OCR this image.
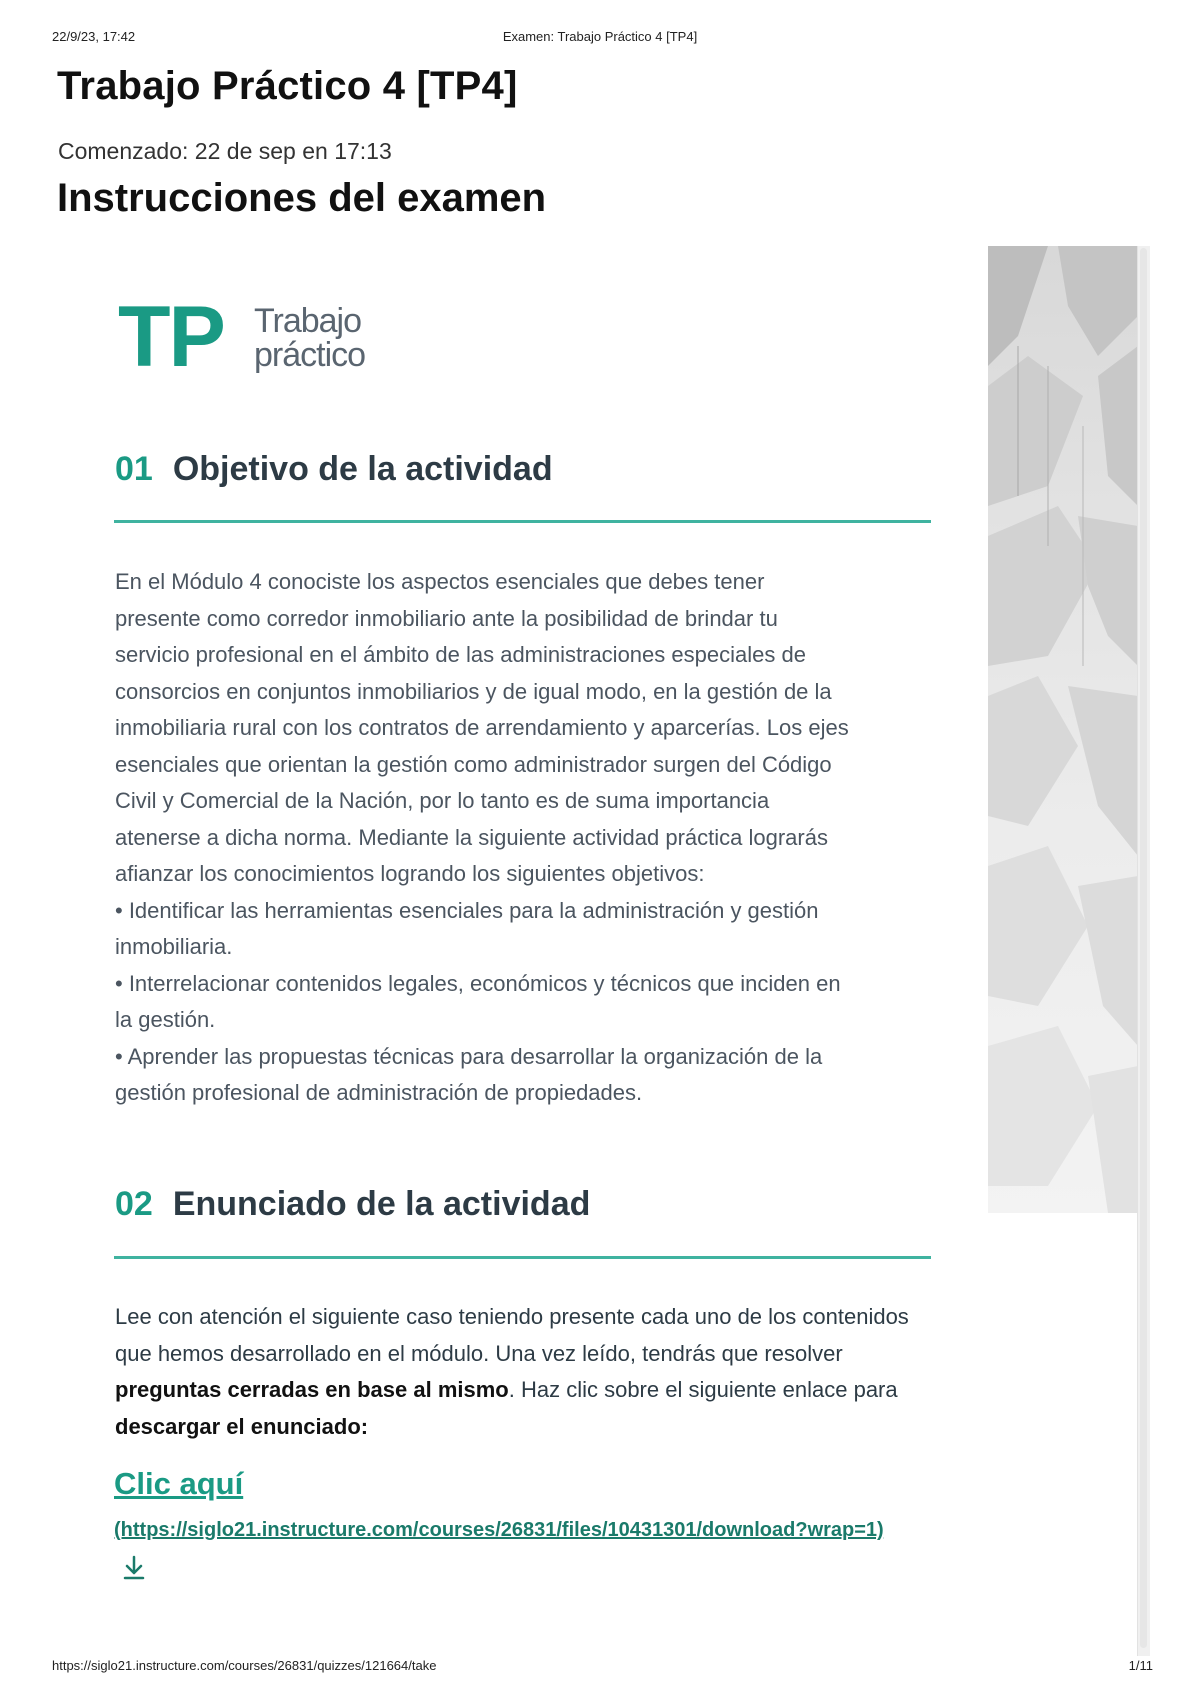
22/9/23, 17:42	Examen: Trabajo Práctico 4 [TP4]
Trabajo Práctico 4 [TP4]
Comenzado: 22 de sep en 17:13
Instrucciones del examen
TP Trabajo
práctico
01 Objetivo de la actividad

En el Módulo 4 conociste los aspectos esenciales que debes tener

presente como corredor inmobiliario ante la posibilidad de brindar tu

servicio profesional en el ámbito de las administraciones especiales de

consorcios en conjuntos inmobiliarios y de igual modo, en la gestión de la

inmobiliaria rural con los contratos de arrendamiento y aparcerías. Los ejes

esenciales que orientan la gestión como administrador surgen del Código

Civil y Comercial de la Nación, por lo tanto es de suma importancia

atenerse a dicha norma. Mediante la siguiente actividad práctica lograrás

afianzar los conocimientos logrando los siguientes objetivos:

• Identificar las herramientas esenciales para la administración y gestión

inmobiliaria.

• Interrelacionar contenidos legales, económicos y técnicos que inciden en

la gestión.

• Aprender las propuestas técnicas para desarrollar la organización de la

gestión profesional de administración de propiedades.

02 Enunciado de la actividad
Lee con atención el siguiente caso teniendo presente cada uno de los contenidos que hemos desarrollado en el módulo. Una vez leído, tendrás que resolver preguntas cerradas en base al mismo. Haz clic sobre el siguiente enlace para descargar el enunciado:
Clic aquí
(https://siglo21.instructure.com/courses/26831/files/10431301/download?wrap=1)
https://siglo21.instructure.com/courses/26831/quizzes/121664/take	1/11
